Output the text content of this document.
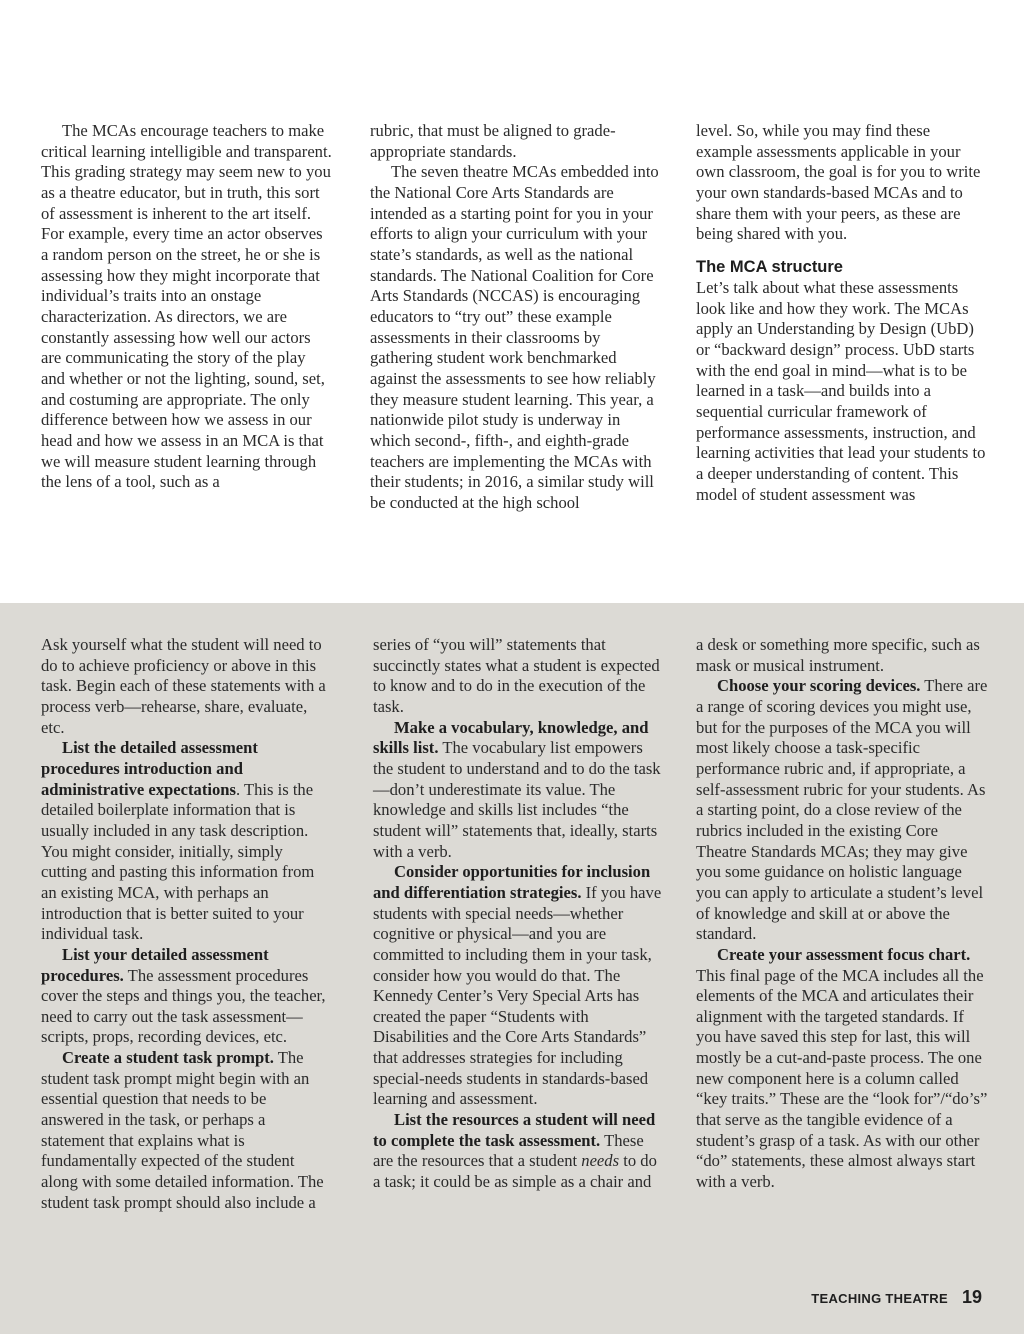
The MCAs encourage teachers to make critical learning intelligible and transparent. This grading strategy may seem new to you as a theatre educator, but in truth, this sort of assessment is inherent to the art itself. For example, every time an actor observes a random person on the street, he or she is assessing how they might incorporate that individual’s traits into an onstage characterization. As directors, we are constantly assessing how well our actors are communicating the story of the play and whether or not the lighting, sound, set, and costuming are appropriate. The only difference between how we assess in our head and how we assess in an MCA is that we will measure student learning through the lens of a tool, such as a

rubric, that must be aligned to grade-appropriate standards.

The seven theatre MCAs embedded into the National Core Arts Standards are intended as a starting point for you in your efforts to align your curriculum with your state’s standards, as well as the national standards. The National Coalition for Core Arts Standards (NCCAS) is encouraging educators to “try out” these example assessments in their classrooms by gathering student work benchmarked against the assessments to see how reliably they measure student learning. This year, a nationwide pilot study is underway in which second-, fifth-, and eighth-grade teachers are implementing the MCAs with their students; in 2016, a similar study will be conducted at the high school

level. So, while you may find these example assessments applicable in your own classroom, the goal is for you to write your own standards-based MCAs and to share them with your peers, as these are being shared with you.

The MCA structure

Let’s talk about what these assessments look like and how they work. The MCAs apply an Understanding by Design (UbD) or “backward design” process. UbD starts with the end goal in mind—what is to be learned in a task—and builds into a sequential curricular framework of performance assessments, instruction, and learning activities that lead your students to a deeper understanding of content. This model of student assessment was

Ask yourself what the student will need to do to achieve proficiency or above in this task. Begin each of these statements with a process verb—rehearse, share, evaluate, etc.

List the detailed assessment procedures introduction and administrative expectations. This is the detailed boilerplate information that is usually included in any task description. You might consider, initially, simply cutting and pasting this information from an existing MCA, with perhaps an introduction that is better suited to your individual task.

List your detailed assessment procedures. The assessment procedures cover the steps and things you, the teacher, need to carry out the task assessment—scripts, props, recording devices, etc.

Create a student task prompt. The student task prompt might begin with an essential question that needs to be answered in the task, or perhaps a statement that explains what is fundamentally expected of the student along with some detailed information. The student task prompt should also include a

series of “you will” statements that succinctly states what a student is expected to know and to do in the execution of the task.

Make a vocabulary, knowledge, and skills list. The vocabulary list empowers the student to understand and to do the task—don’t underestimate its value. The knowledge and skills list includes “the student will” statements that, ideally, starts with a verb.

Consider opportunities for inclusion and differentiation strategies. If you have students with special needs—whether cognitive or physical—and you are committed to including them in your task, consider how you would do that. The Kennedy Center’s Very Special Arts has created the paper “Students with Disabilities and the Core Arts Standards” that addresses strategies for including special-needs students in standards-based learning and assessment.

List the resources a student will need to complete the task assessment. These are the resources that a student needs to do a task; it could be as simple as a chair and

a desk or something more specific, such as mask or musical instrument.

Choose your scoring devices. There are a range of scoring devices you might use, but for the purposes of the MCA you will most likely choose a task-specific performance rubric and, if appropriate, a self-assessment rubric for your students. As a starting point, do a close review of the rubrics included in the existing Core Theatre Standards MCAs; they may give you some guidance on holistic language you can apply to articulate a student’s level of knowledge and skill at or above the standard.

Create your assessment focus chart. This final page of the MCA includes all the elements of the MCA and articulates their alignment with the targeted standards. If you have saved this step for last, this will mostly be a cut-and-paste process. The one new component here is a column called “key traits.” These are the “look for”/“do’s” that serve as the tangible evidence of a student’s grasp of a task. As with our other “do” statements, these almost always start with a verb.

TEACHING THEATRE 19
